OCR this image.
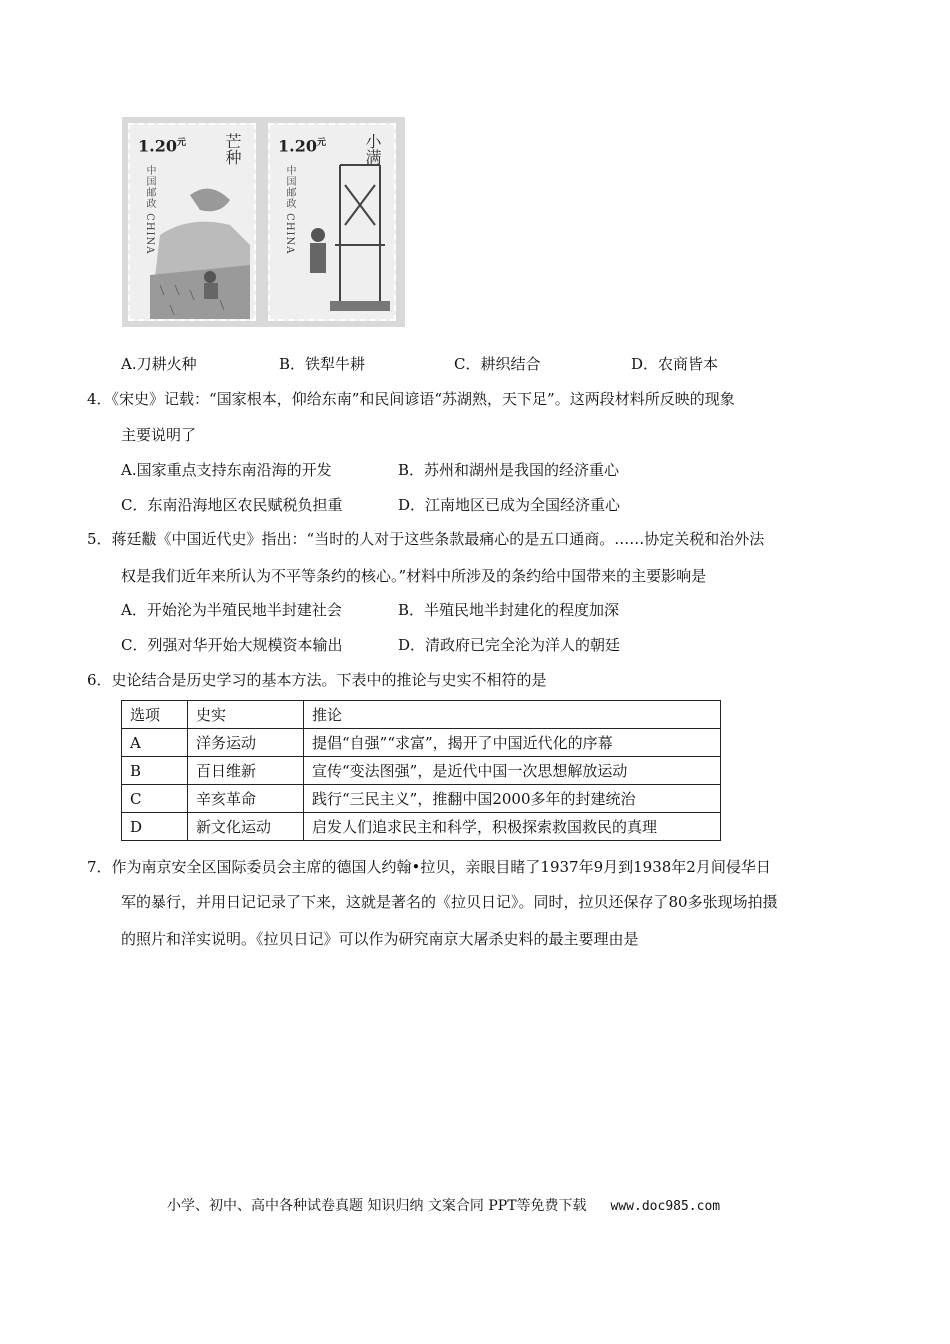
$1.20^元$ 芒种
中国邮政 CHINA
$1.20^元$ 小满
中国邮政 CHINA
A.刀耕火种	B．铁犁牛耕	C．耕织结合	D．农商皆本
4．《宋史》记载：“国家根本，仰给东南”和民间谚语“苏湖熟，天下足”。这两段材料所反映的现象
主要说明了
A.国家重点支持东南沿海的开发	B．苏州和湖州是我国的经济重心
C．东南沿海地区农民赋税负担重	D．江南地区已成为全国经济重心
5．蒋廷黻《中国近代史》指出：“当时的人对于这些条款最痛心的是五口通商。……协定关税和治外法
权是我们近年来所认为不平等条约的核心。”材料中所涉及的条约给中国带来的主要影响是
A．开始沦为半殖民地半封建社会	B．半殖民地半封建化的程度加深
C．列强对华开始大规模资本输出	D．清政府已完全沦为洋人的朝廷
6．史论结合是历史学习的基本方法。下表中的推论与史实不相符的是
选项	史实	推论
A	洋务运动	提倡“自强”“求富”，揭开了中国近代化的序幕
B	百日维新	宣传“变法图强”，是近代中国一次思想解放运动
C	辛亥革命	践行“三民主义”，推翻中国2000多年的封建统治
D	新文化运动	启发人们追求民主和科学，积极探索救国救民的真理
7．作为南京安全区国际委员会主席的德国人约翰•拉贝，亲眼目睹了1937年9月到1938年2月间侵华日
军的暴行，并用日记记录了下来，这就是著名的《拉贝日记》。同时，拉贝还保存了80多张现场拍摄
的照片和洋实说明。《拉贝日记》可以作为研究南京大屠杀史料的最主要理由是
小学、初中、高中各种试卷真题 知识归纳 文案合同 PPT等免费下载 www.doc985.com
